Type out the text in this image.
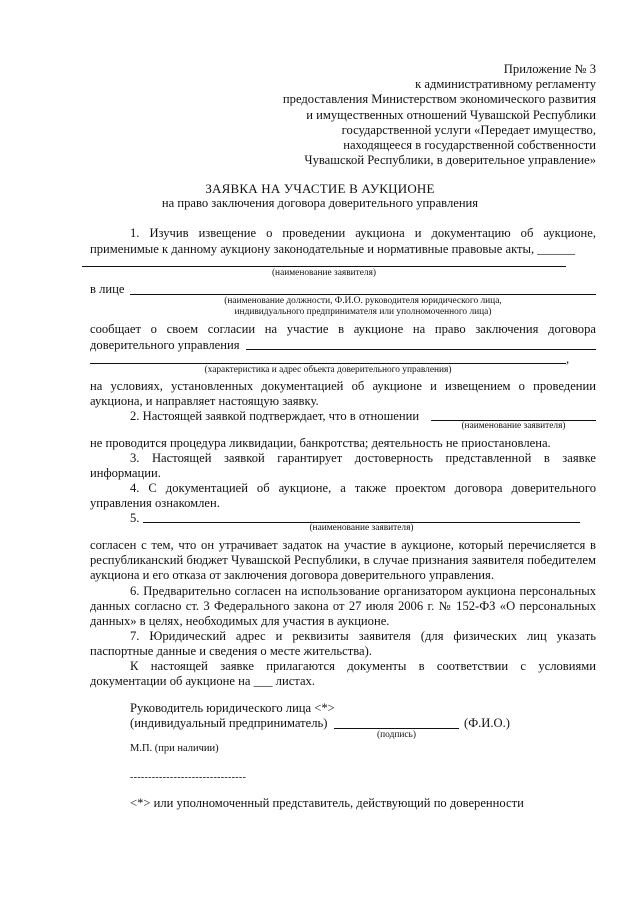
Приложение № 3
к административному регламенту
предоставления Министерством экономического развития
и имущественных отношений Чувашской Республики
государственной услуги «Передает имущество,
находящееся в государственной собственности
Чувашской Республики, в доверительное управление»
ЗАЯВКА НА УЧАСТИЕ В АУКЦИОНЕ
на право заключения договора доверительного управления
1. Изучив извещение о проведении аукциона и документацию об аукционе,
применимые к данному аукциону законодательные и нормативные правовые акты, ______
(наименование заявителя)
в лице
(наименование должности, Ф.И.О. руководителя юридического лица,
индивидуального предпринимателя или уполномоченного лица)
сообщает о своем согласии на участие в аукционе на право заключения договора
доверительного управления
,
(характеристика и адрес объекта доверительного управления)
на условиях, установленных документацией об аукционе и извещением о проведении
аукциона, и направляет настоящую заявку.
2. Настоящей заявкой подтверждает, что в отношении
(наименование заявителя)
не проводится процедура ликвидации, банкротства; деятельность не приостановлена.
3. Настоящей заявкой гарантирует достоверность представленной в заявке информации.
4. С документацией об аукционе, а также проектом договора доверительного управления ознакомлен.
5.
(наименование заявителя)
согласен с тем, что он утрачивает задаток на участие в аукционе, который перечисляется в республиканский бюджет Чувашской Республики, в случае признания заявителя победителем аукциона и его отказа от заключения договора доверительного управления.
6. Предварительно согласен на использование организатором аукциона персональных данных согласно ст. 3 Федерального закона от 27 июля 2006 г. № 152-ФЗ «О персональных данных» в целях, необходимых для участия в аукционе.
7. Юридический адрес и реквизиты заявителя (для физических лиц указать паспортные данные и сведения о месте жительства).
К настоящей заявке прилагаются документы в соответствии с условиями документации об аукционе на ___ листах.
Руководитель юридического лица <*>
(индивидуальный предприниматель)	(Ф.И.О.)
(подпись)
М.П. (при наличии)
--------------------------------
<*> или уполномоченный представитель, действующий по доверенности
